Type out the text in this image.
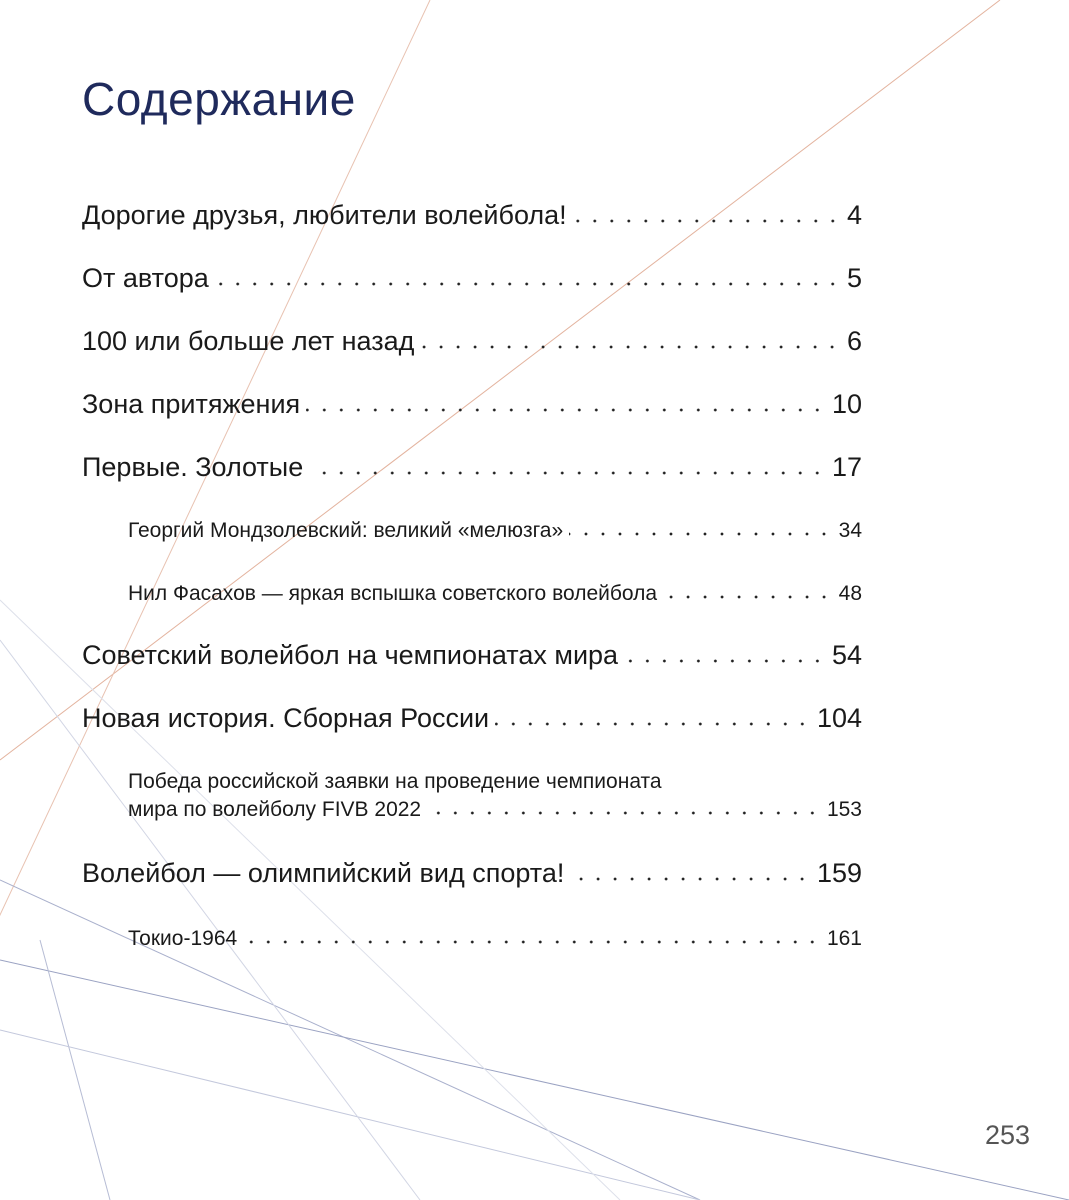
Содержание
Дорогие друзья, любители волейбола!	4
От автора	5
100 или больше лет назад	6
Зона притяжения	10
Первые. Золотые	17
Георгий Мондзолевский: великий «мелюзга»	34
Нил Фасахов — яркая вспышка советского волейбола	48
Советский волейбол на чемпионатах мира	54
Новая история. Сборная России	104
Победа российской заявки на проведение чемпионата
мира по волейболу FIVB 2022	153
Волейбол — олимпийский вид спорта!	159
Токио-1964	161
253
